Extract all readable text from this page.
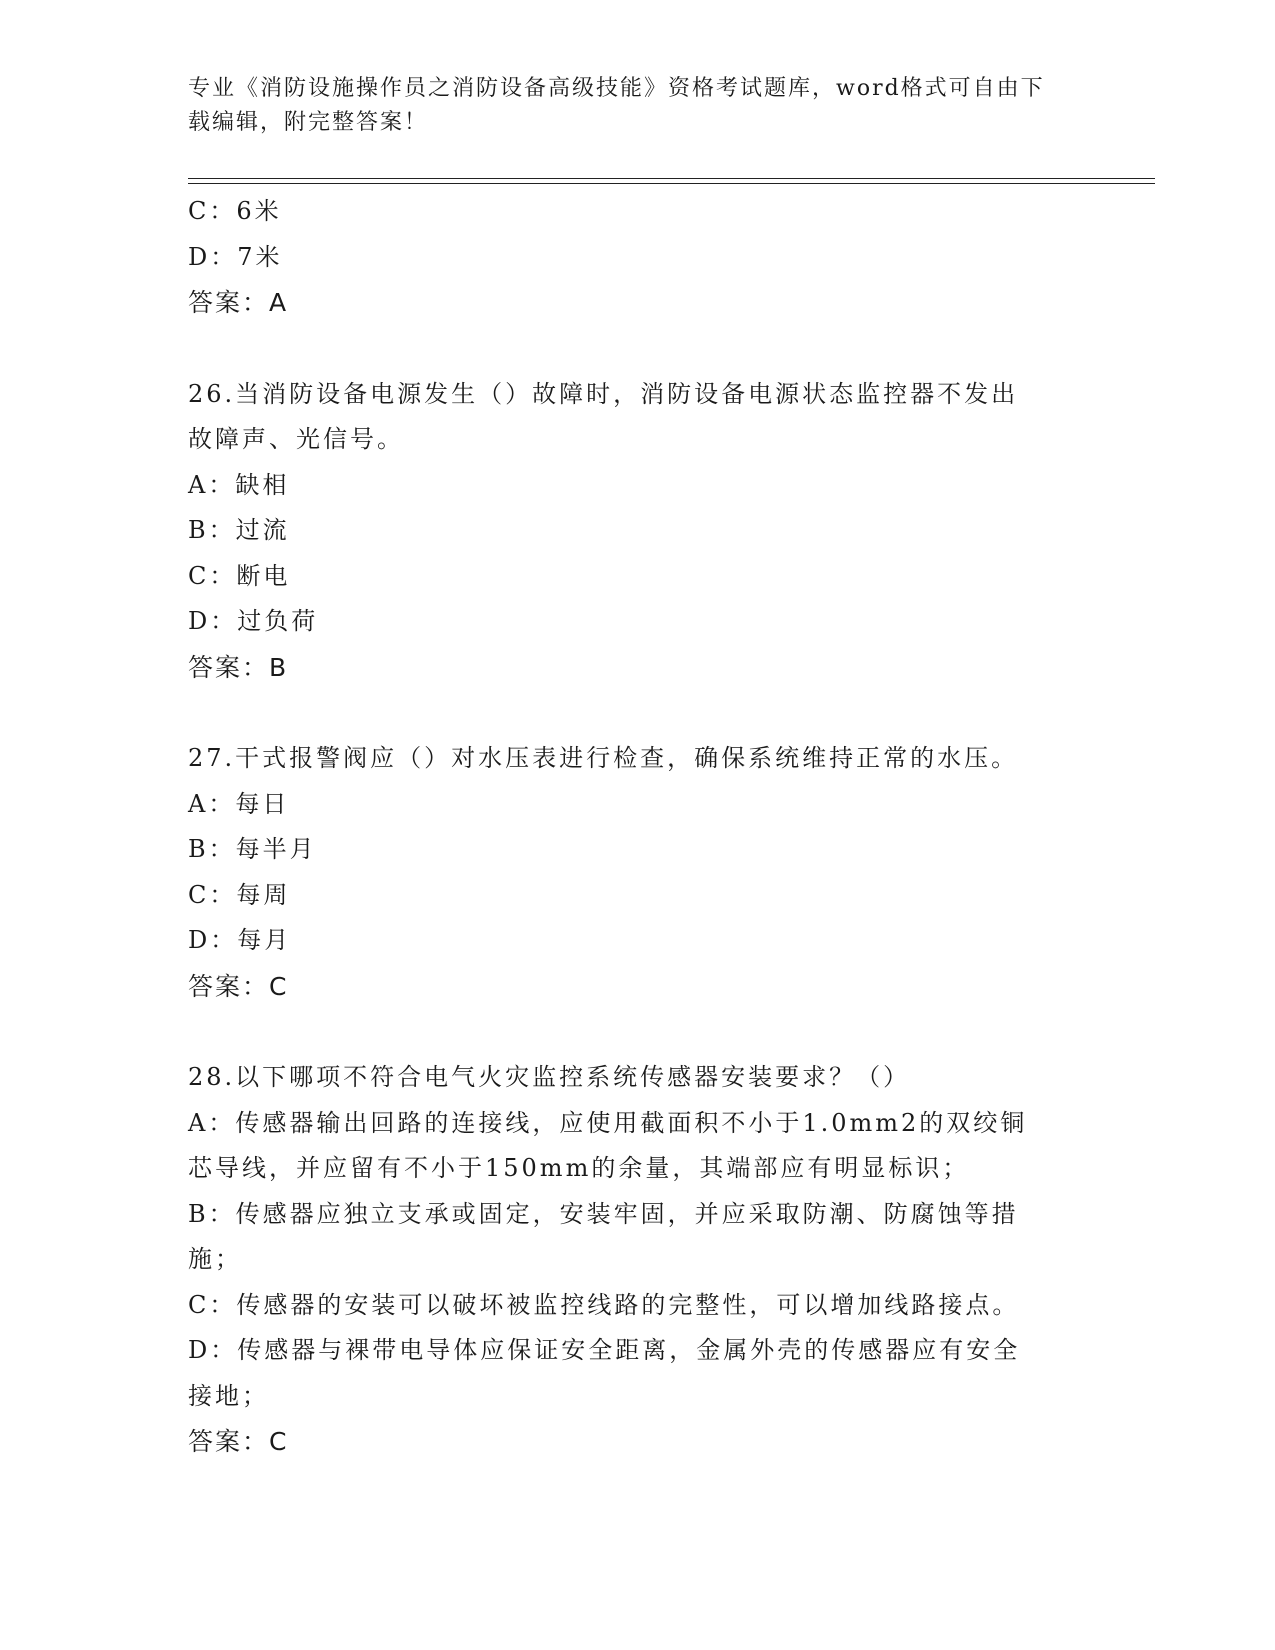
专业《消防设施操作员之消防设备高级技能》资格考试题库，word格式可自由下
载编辑，附完整答案！
C：6米
D：7米
答案：A
26.当消防设备电源发生（）故障时，消防设备电源状态监控器不发出
故障声、光信号。
A：缺相
B：过流
C：断电
D：过负荷
答案：B
27.干式报警阀应（）对水压表进行检查，确保系统维持正常的水压。
A：每日
B：每半月
C：每周
D：每月
答案：C
28.以下哪项不符合电气火灾监控系统传感器安装要求？（）
A：传感器输出回路的连接线，应使用截面积不小于1.0mm2的双绞铜
芯导线，并应留有不小于150mm的余量，其端部应有明显标识；
B：传感器应独立支承或固定，安装牢固，并应采取防潮、防腐蚀等措
施；
C：传感器的安装可以破坏被监控线路的完整性，可以增加线路接点。
D：传感器与裸带电导体应保证安全距离，金属外壳的传感器应有安全
接地；
答案：C
